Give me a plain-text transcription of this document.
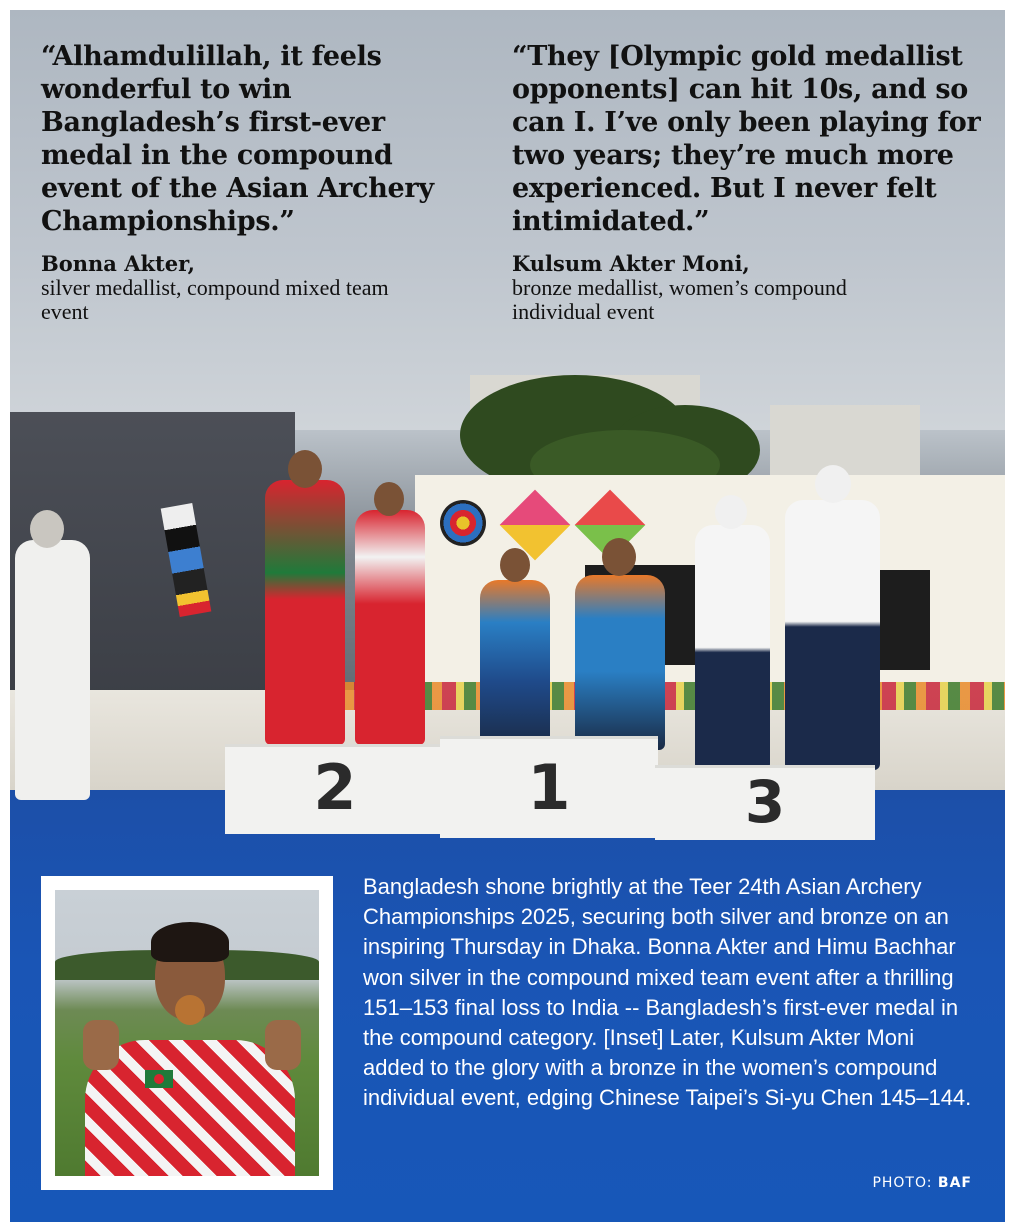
2	1	3
“Alhamdulillah, it feels wonderful to win Bangladesh’s first-ever medal in the compound event of the Asian Archery Championships.”
Bonna Akter,
silver medallist, compound mixed team event
“They [Olympic gold medallist opponents] can hit 10s, and so can I. I’ve only been playing for two years; they’re much more experienced. But I never felt intimidated.”
Kulsum Akter Moni,
bronze medallist, women’s compound individual event
Bangladesh shone brightly at the Teer 24th Asian Archery Championships 2025, securing both silver and bronze on an inspiring Thursday in Dhaka. Bonna Akter and Himu Bachhar won silver in the compound mixed team event after a thrilling 151–153 final loss to India -- Bangladesh’s first-ever medal in the compound category. [Inset] Later, Kulsum Akter Moni added to the glory with a bronze in the women’s compound individual event, edging Chinese Taipei’s Si-yu Chen 145–144.
PHOTO: BAF
